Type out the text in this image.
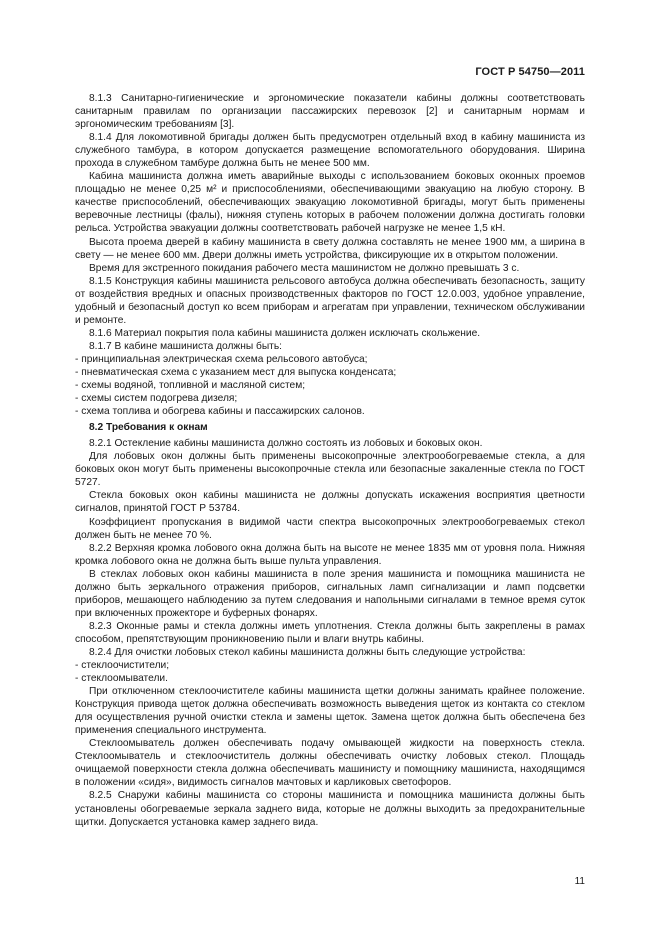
ГОСТ Р 54750—2011

8.1.3 Санитарно-гигиенические и эргономические показатели кабины должны соответствовать санитарным правилам по организации пассажирских перевозок [2] и санитарным нормам и эргономическим требованиям [3].

8.1.4 Для локомотивной бригады должен быть предусмотрен отдельный вход в кабину машиниста из служебного тамбура, в котором допускается размещение вспомогательного оборудования. Ширина прохода в служебном тамбуре должна быть не менее 500 мм.

Кабина машиниста должна иметь аварийные выходы с использованием боковых оконных проемов площадью не менее 0,25 м² и приспособлениями, обеспечивающими эвакуацию на любую сторону. В качестве приспособлений, обеспечивающих эвакуацию локомотивной бригады, могут быть применены веревочные лестницы (фалы), нижняя ступень которых в рабочем положении должна достигать головки рельса. Устройства эвакуации должны соответствовать рабочей нагрузке не менее 1,5 кН.

Высота проема дверей в кабину машиниста в свету должна составлять не менее 1900 мм, а ширина в свету — не менее 600 мм. Двери должны иметь устройства, фиксирующие их в открытом положении.

Время для экстренного покидания рабочего места машинистом не должно превышать 3 с.

8.1.5 Конструкция кабины машиниста рельсового автобуса должна обеспечивать безопасность, защиту от воздействия вредных и опасных производственных факторов по ГОСТ 12.0.003, удобное управление, удобный и безопасный доступ ко всем приборам и агрегатам при управлении, техническом обслуживании и ремонте.

8.1.6 Материал покрытия пола кабины машиниста должен исключать скольжение.

8.1.7 В кабине машиниста должны быть:

- принципиальная электрическая схема рельсового автобуса;

- пневматическая схема с указанием мест для выпуска конденсата;

- схемы водяной, топливной и масляной систем;

- схемы систем подогрева дизеля;

- схема топлива и обогрева кабины и пассажирских салонов.

8.2 Требования к окнам

8.2.1 Остекление кабины машиниста должно состоять из лобовых и боковых окон.

Для лобовых окон должны быть применены высокопрочные электрообогреваемые стекла, а для боковых окон могут быть применены высокопрочные стекла или безопасные закаленные стекла по ГОСТ 5727.

Стекла боковых окон кабины машиниста не должны допускать искажения восприятия цветности сигналов, принятой ГОСТ Р 53784.

Коэффициент пропускания в видимой части спектра высокопрочных электрообогреваемых стекол должен быть не менее 70 %.

8.2.2 Верхняя кромка лобового окна должна быть на высоте не менее 1835 мм от уровня пола. Нижняя кромка лобового окна не должна быть выше пульта управления.

В стеклах лобовых окон кабины машиниста в поле зрения машиниста и помощника машиниста не должно быть зеркального отражения приборов, сигнальных ламп сигнализации и ламп подсветки приборов, мешающего наблюдению за путем следования и напольными сигналами в темное время суток при включенных прожекторе и буферных фонарях.

8.2.3 Оконные рамы и стекла должны иметь уплотнения. Стекла должны быть закреплены в рамах способом, препятствующим проникновению пыли и влаги внутрь кабины.

8.2.4 Для очистки лобовых стекол кабины машиниста должны быть следующие устройства:

- стеклоочистители;

- стеклоомыватели.

При отключенном стеклоочистителе кабины машиниста щетки должны занимать крайнее положение. Конструкция привода щеток должна обеспечивать возможность выведения щеток из контакта со стеклом для осуществления ручной очистки стекла и замены щеток. Замена щеток должна быть обеспечена без применения специального инструмента.

Стеклоомыватель должен обеспечивать подачу омывающей жидкости на поверхность стекла. Стеклоомыватель и стеклоочиститель должны обеспечивать очистку лобовых стекол. Площадь очищаемой поверхности стекла должна обеспечивать машинисту и помощнику машиниста, находящимся в положении «сидя», видимость сигналов мачтовых и карликовых светофоров.

8.2.5 Снаружи кабины машиниста со стороны машиниста и помощника машиниста должны быть установлены обогреваемые зеркала заднего вида, которые не должны выходить за предохранительные щитки. Допускается установка камер заднего вида.

11
